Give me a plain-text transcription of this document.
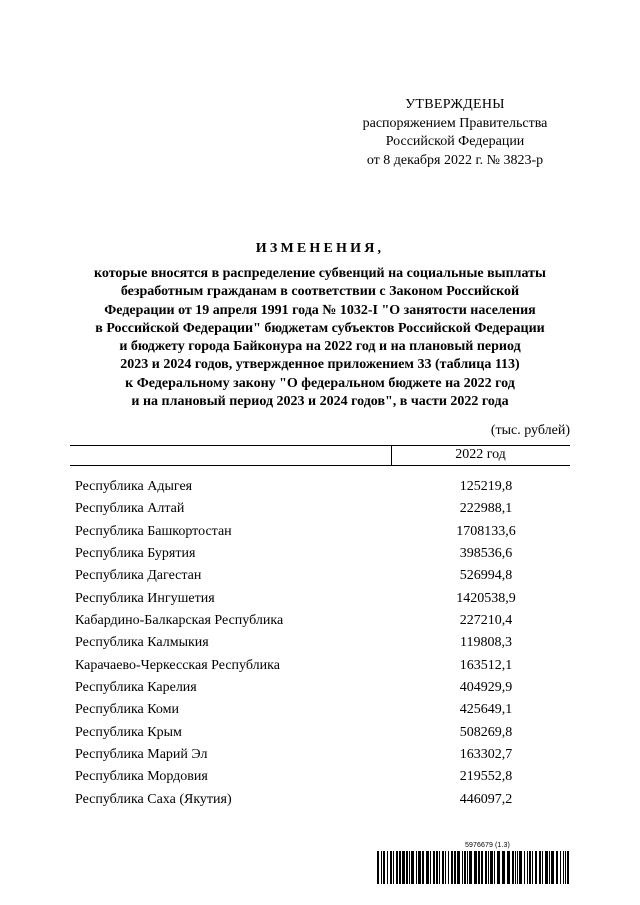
УТВЕРЖДЕНЫ
распоряжением Правительства
Российской Федерации
от 8 декабря 2022 г. № 3823-р
ИЗМЕНЕНИЯ,
которые вносятся в распределение субвенций на социальные выплаты
безработным гражданам в соответствии с Законом Российской
Федерации от 19 апреля 1991 года № 1032-I "О занятости населения
в Российской Федерации" бюджетам субъектов Российской Федерации
и бюджету города Байконура на 2022 год и на плановый период
2023 и 2024 годов, утвержденное приложением 33 (таблица 113)
к Федеральному закону "О федеральном бюджете на 2022 год
и на плановый период 2023 и 2024 годов", в части 2022 года
(тыс. рублей)
2022 год
Республика Адыгея	125219,8
Республика Алтай	222988,1
Республика Башкортостан	1708133,6
Республика Бурятия	398536,6
Республика Дагестан	526994,8
Республика Ингушетия	1420538,9
Кабардино-Балкарская Республика	227210,4
Республика Калмыкия	119808,3
Карачаево-Черкесская Республика	163512,1
Республика Карелия	404929,9
Республика Коми	425649,1
Республика Крым	508269,8
Республика Марий Эл	163302,7
Республика Мордовия	219552,8
Республика Саха (Якутия)	446097,2
5976679 (1.3)
